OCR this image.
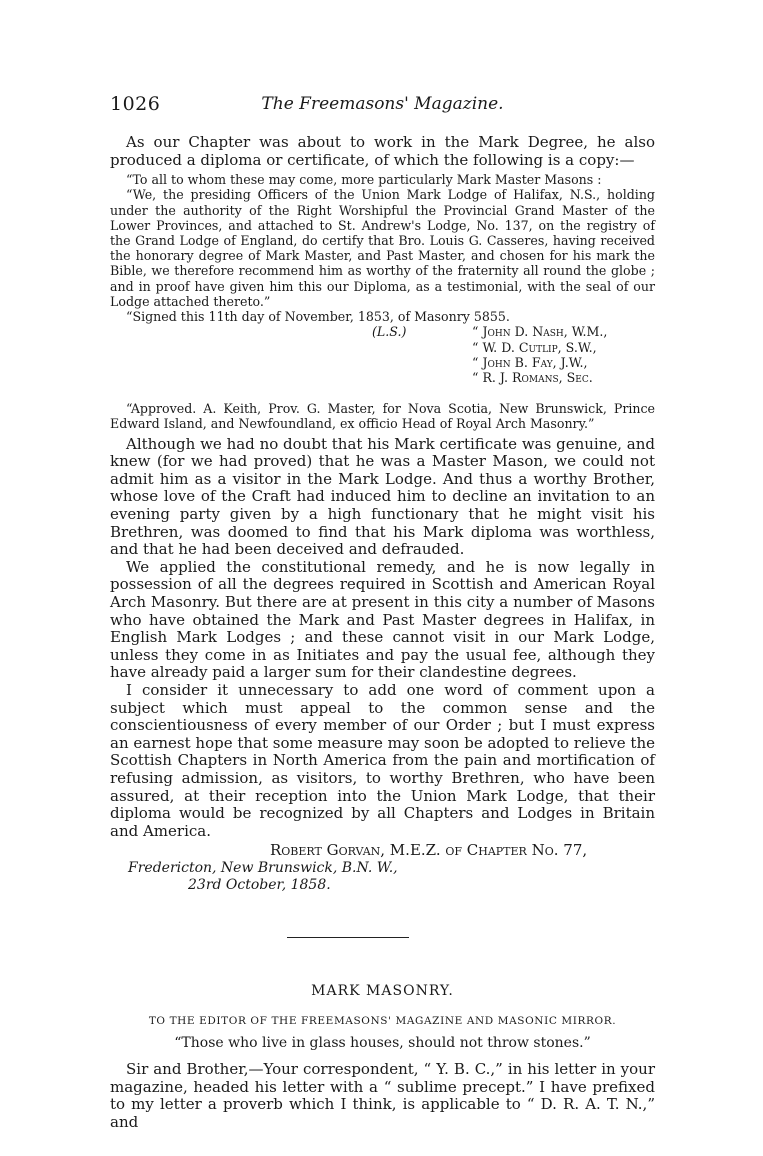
1026	The Freemasons' Magazine.

As our Chapter was about to work in the Mark Degree, he also produced a diploma or certificate, of which the following is a copy:—

“To all to whom these may come, more particularly Mark Master Masons :

“We, the presiding Officers of the Union Mark Lodge of Halifax, N.S., holding under the authority of the Right Worshipful the Provincial Grand Master of the Lower Provinces, and attached to St. Andrew's Lodge, No. 137, on the registry of the Grand Lodge of England, do certify that Bro. Louis G. Casseres, having received the honorary degree of Mark Master, and Past Master, and chosen for his mark the Bible, we therefore recommend him as worthy of the fraternity all round the globe ; and in proof have given him this our Diploma, as a testimonial, with the seal of our Lodge attached thereto.”

“Signed this 11th day of November, 1853, of Masonry 5855.

(L.S.)	“ John D. Nash, W.M.,
“ W. D. Cutlip, S.W.,
“ John B. Fay, J.W.,
“ R. J. Romans, Sec.

“Approved. A. Keith, Prov. G. Master, for Nova Scotia, New Brunswick, Prince Edward Island, and Newfoundland, ex officio Head of Royal Arch Masonry.”

Although we had no doubt that his Mark certificate was genuine, and knew (for we had proved) that he was a Master Mason, we could not admit him as a visitor in the Mark Lodge. And thus a worthy Brother, whose love of the Craft had induced him to decline an invitation to an evening party given by a high functionary that he might visit his Brethren, was doomed to find that his Mark diploma was worthless, and that he had been deceived and defrauded.

We applied the constitutional remedy, and he is now legally in possession of all the degrees required in Scottish and American Royal Arch Masonry. But there are at present in this city a number of Masons who have obtained the Mark and Past Master degrees in Halifax, in English Mark Lodges ; and these cannot visit in our Mark Lodge, unless they come in as Initiates and pay the usual fee, although they have already paid a larger sum for their clandestine degrees.

I consider it unnecessary to add one word of comment upon a subject which must appeal to the common sense and the conscientiousness of every member of our Order ; but I must express an earnest hope that some measure may soon be adopted to relieve the Scottish Chapters in North America from the pain and mortification of refusing admission, as visitors, to worthy Brethren, who have been assured, at their reception into the Union Mark Lodge, that their diploma would be recognized by all Chapters and Lodges in Britain and America.

Robert Gorvan, M.E.Z. of Chapter No. 77,
Fredericton, New Brunswick, B.N. W.,
23rd October, 1858.
MARK MASONRY.
TO THE EDITOR OF THE FREEMASONS' MAGAZINE AND MASONIC MIRROR.
“Those who live in glass houses, should not throw stones.”

Sir and Brother,—Your correspondent, “ Y. B. C.,” in his letter in your magazine, headed his letter with a “ sublime precept.” I have prefixed to my letter a proverb which I think, is applicable to “ D. R. A. T. N.,” and
